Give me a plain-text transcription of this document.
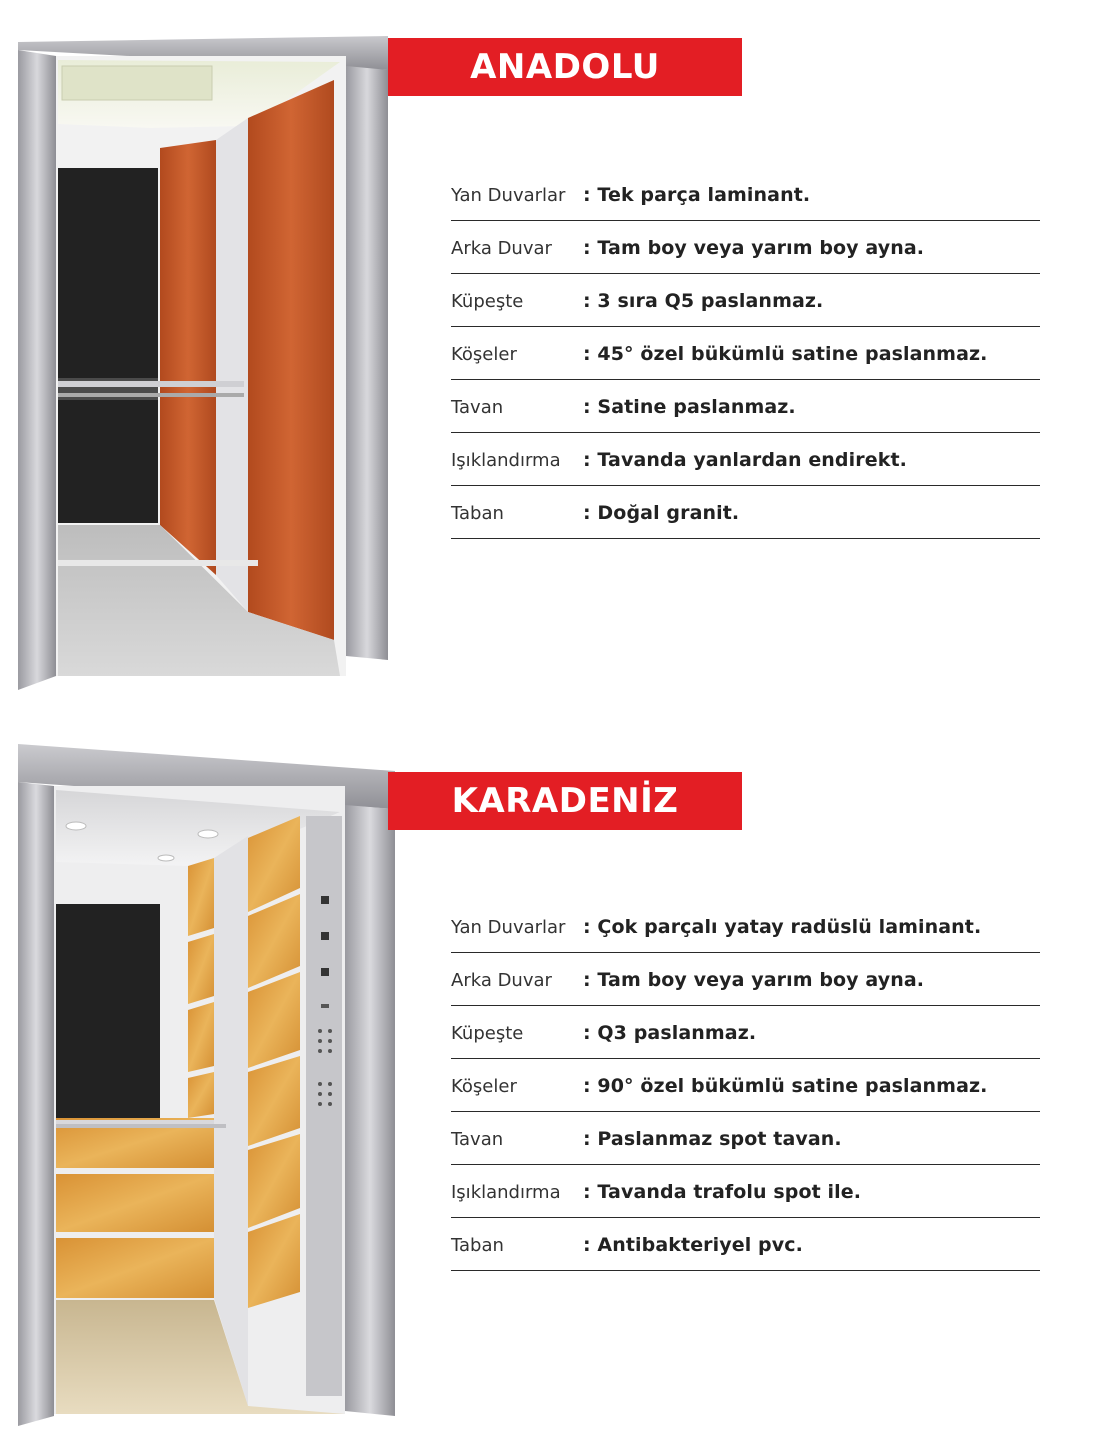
ANADOLU
Yan Duvarlar	: Tek parça laminant.
Arka Duvar	: Tam boy veya yarım boy ayna.
Küpeşte	: 3 sıra Q5 paslanmaz.
Köşeler	: 45° özel bükümlü satine paslanmaz.
Tavan	: Satine paslanmaz.
Işıklandırma	: Tavanda yanlardan endirekt.
Taban	: Doğal granit.
KARADENİZ
Yan Duvarlar	: Çok parçalı yatay radüslü laminant.
Arka Duvar	: Tam boy veya yarım boy ayna.
Küpeşte	: Q3 paslanmaz.
Köşeler	: 90° özel bükümlü satine paslanmaz.
Tavan	: Paslanmaz spot tavan.
Işıklandırma	: Tavanda trafolu spot ile.
Taban	: Antibakteriyel pvc.
